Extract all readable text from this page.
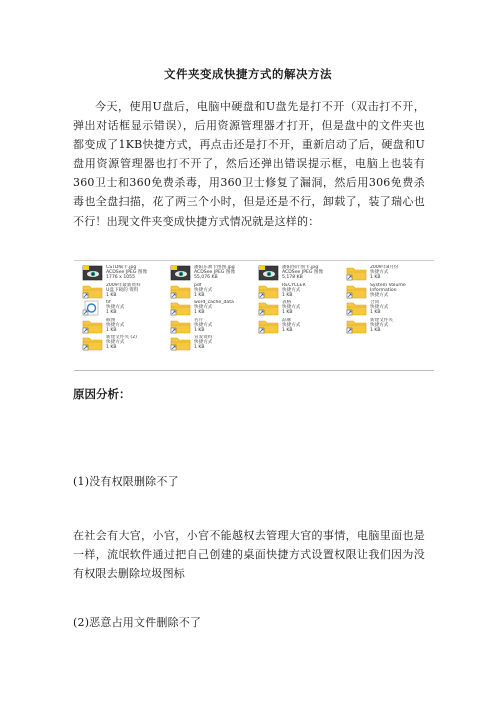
文件夹变成快捷方式的解决方法
今天，使用U盘后，电脑中硬盘和U盘先是打不开（双击打不开，弹出对话框显示错误），后用资源管理器才打开，但是盘中的文件夹也都变成了1KB快捷方式，再点击还是打不开，重新启动了后，硬盘和U盘用资源管理器也打不开了，然后还弹出错误提示框，电脑上也装有360卫士和360免费杀毒，用360卫士修复了漏洞，然后用306免费杀毒也全盘扫描，花了两三个小时，但是还是不行，卸载了，装了瑞心也不行！出现文件夹变成快捷方式情况就是这样的：
CSTD编卡.jpg
ACDSee JPEG 图像
1776 x 1055
潘阳东教卡图图.jpg
ACDSee JPEG 图像
55,076 KB
潘阳图片图卡.jpg
ACDSee JPEG 图像
5,178 KB
2009年8月份
快捷方式
1 KB
2009年最新资料
U盘下载的 资料
1 KB
pdf
快捷方式
1 KB
RECYCLER
快捷方式
1 KB
System Volume
Information
快捷方式
tif
快捷方式
1 KB
word_cache_data
快捷方式
1 KB
表格
快捷方式
1 KB
合同
快捷方式
1 KB
截图
快捷方式
1 KB
名片
快捷方式
1 KB
品牌
快捷方式
1 KB
新建文件夹
快捷方式
1 KB
新建文件夹 (2)
快捷方式
1 KB
宣发资料
快捷方式
1 KB
原因分析：
(1)没有权限删除不了
在社会有大官，小官，小官不能越权去管理大官的事情，电脑里面也是一样，流氓软件通过把自己创建的桌面快捷方式设置权限让我们因为没有权限去删除垃圾图标
(2)恶意占用文件删除不了
